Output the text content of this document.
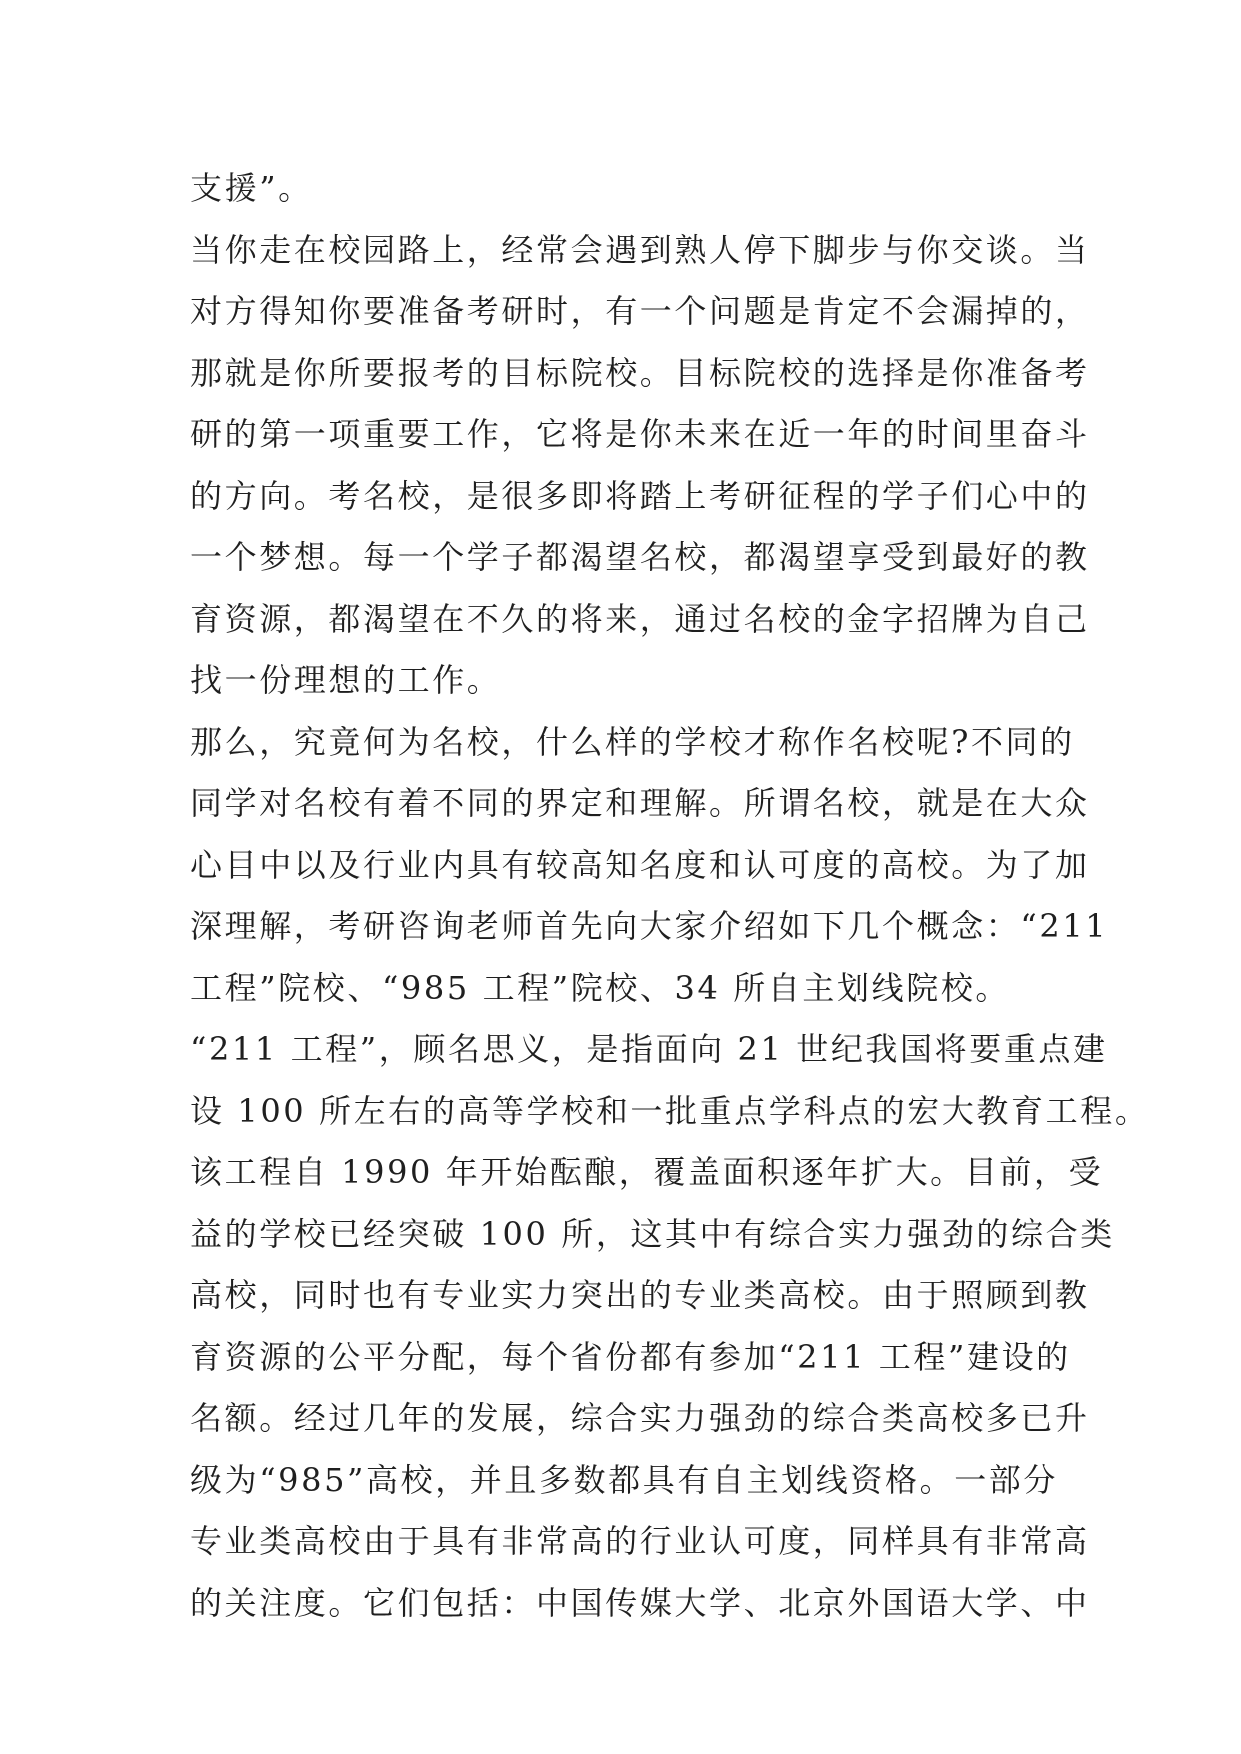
支援”。
当你走在校园路上，经常会遇到熟人停下脚步与你交谈。当
对方得知你要准备考研时，有一个问题是肯定不会漏掉的，
那就是你所要报考的目标院校。目标院校的选择是你准备考
研的第一项重要工作，它将是你未来在近一年的时间里奋斗
的方向。考名校，是很多即将踏上考研征程的学子们心中的
一个梦想。每一个学子都渴望名校，都渴望享受到最好的教
育资源，都渴望在不久的将来，通过名校的金字招牌为自己
找一份理想的工作。
那么，究竟何为名校，什么样的学校才称作名校呢?不同的
同学对名校有着不同的界定和理解。所谓名校，就是在大众
心目中以及行业内具有较高知名度和认可度的高校。为了加
深理解，考研咨询老师首先向大家介绍如下几个概念：“211
工程”院校、“985 工程”院校、34 所自主划线院校。
“211 工程”，顾名思义，是指面向 21 世纪我国将要重点建
设 100 所左右的高等学校和一批重点学科点的宏大教育工程。
该工程自 1990 年开始酝酿，覆盖面积逐年扩大。目前，受
益的学校已经突破 100 所，这其中有综合实力强劲的综合类
高校，同时也有专业实力突出的专业类高校。由于照顾到教
育资源的公平分配，每个省份都有参加“211 工程”建设的
名额。经过几年的发展，综合实力强劲的综合类高校多已升
级为“985”高校，并且多数都具有自主划线资格。一部分
专业类高校由于具有非常高的行业认可度，同样具有非常高
的关注度。它们包括：中国传媒大学、北京外国语大学、中
